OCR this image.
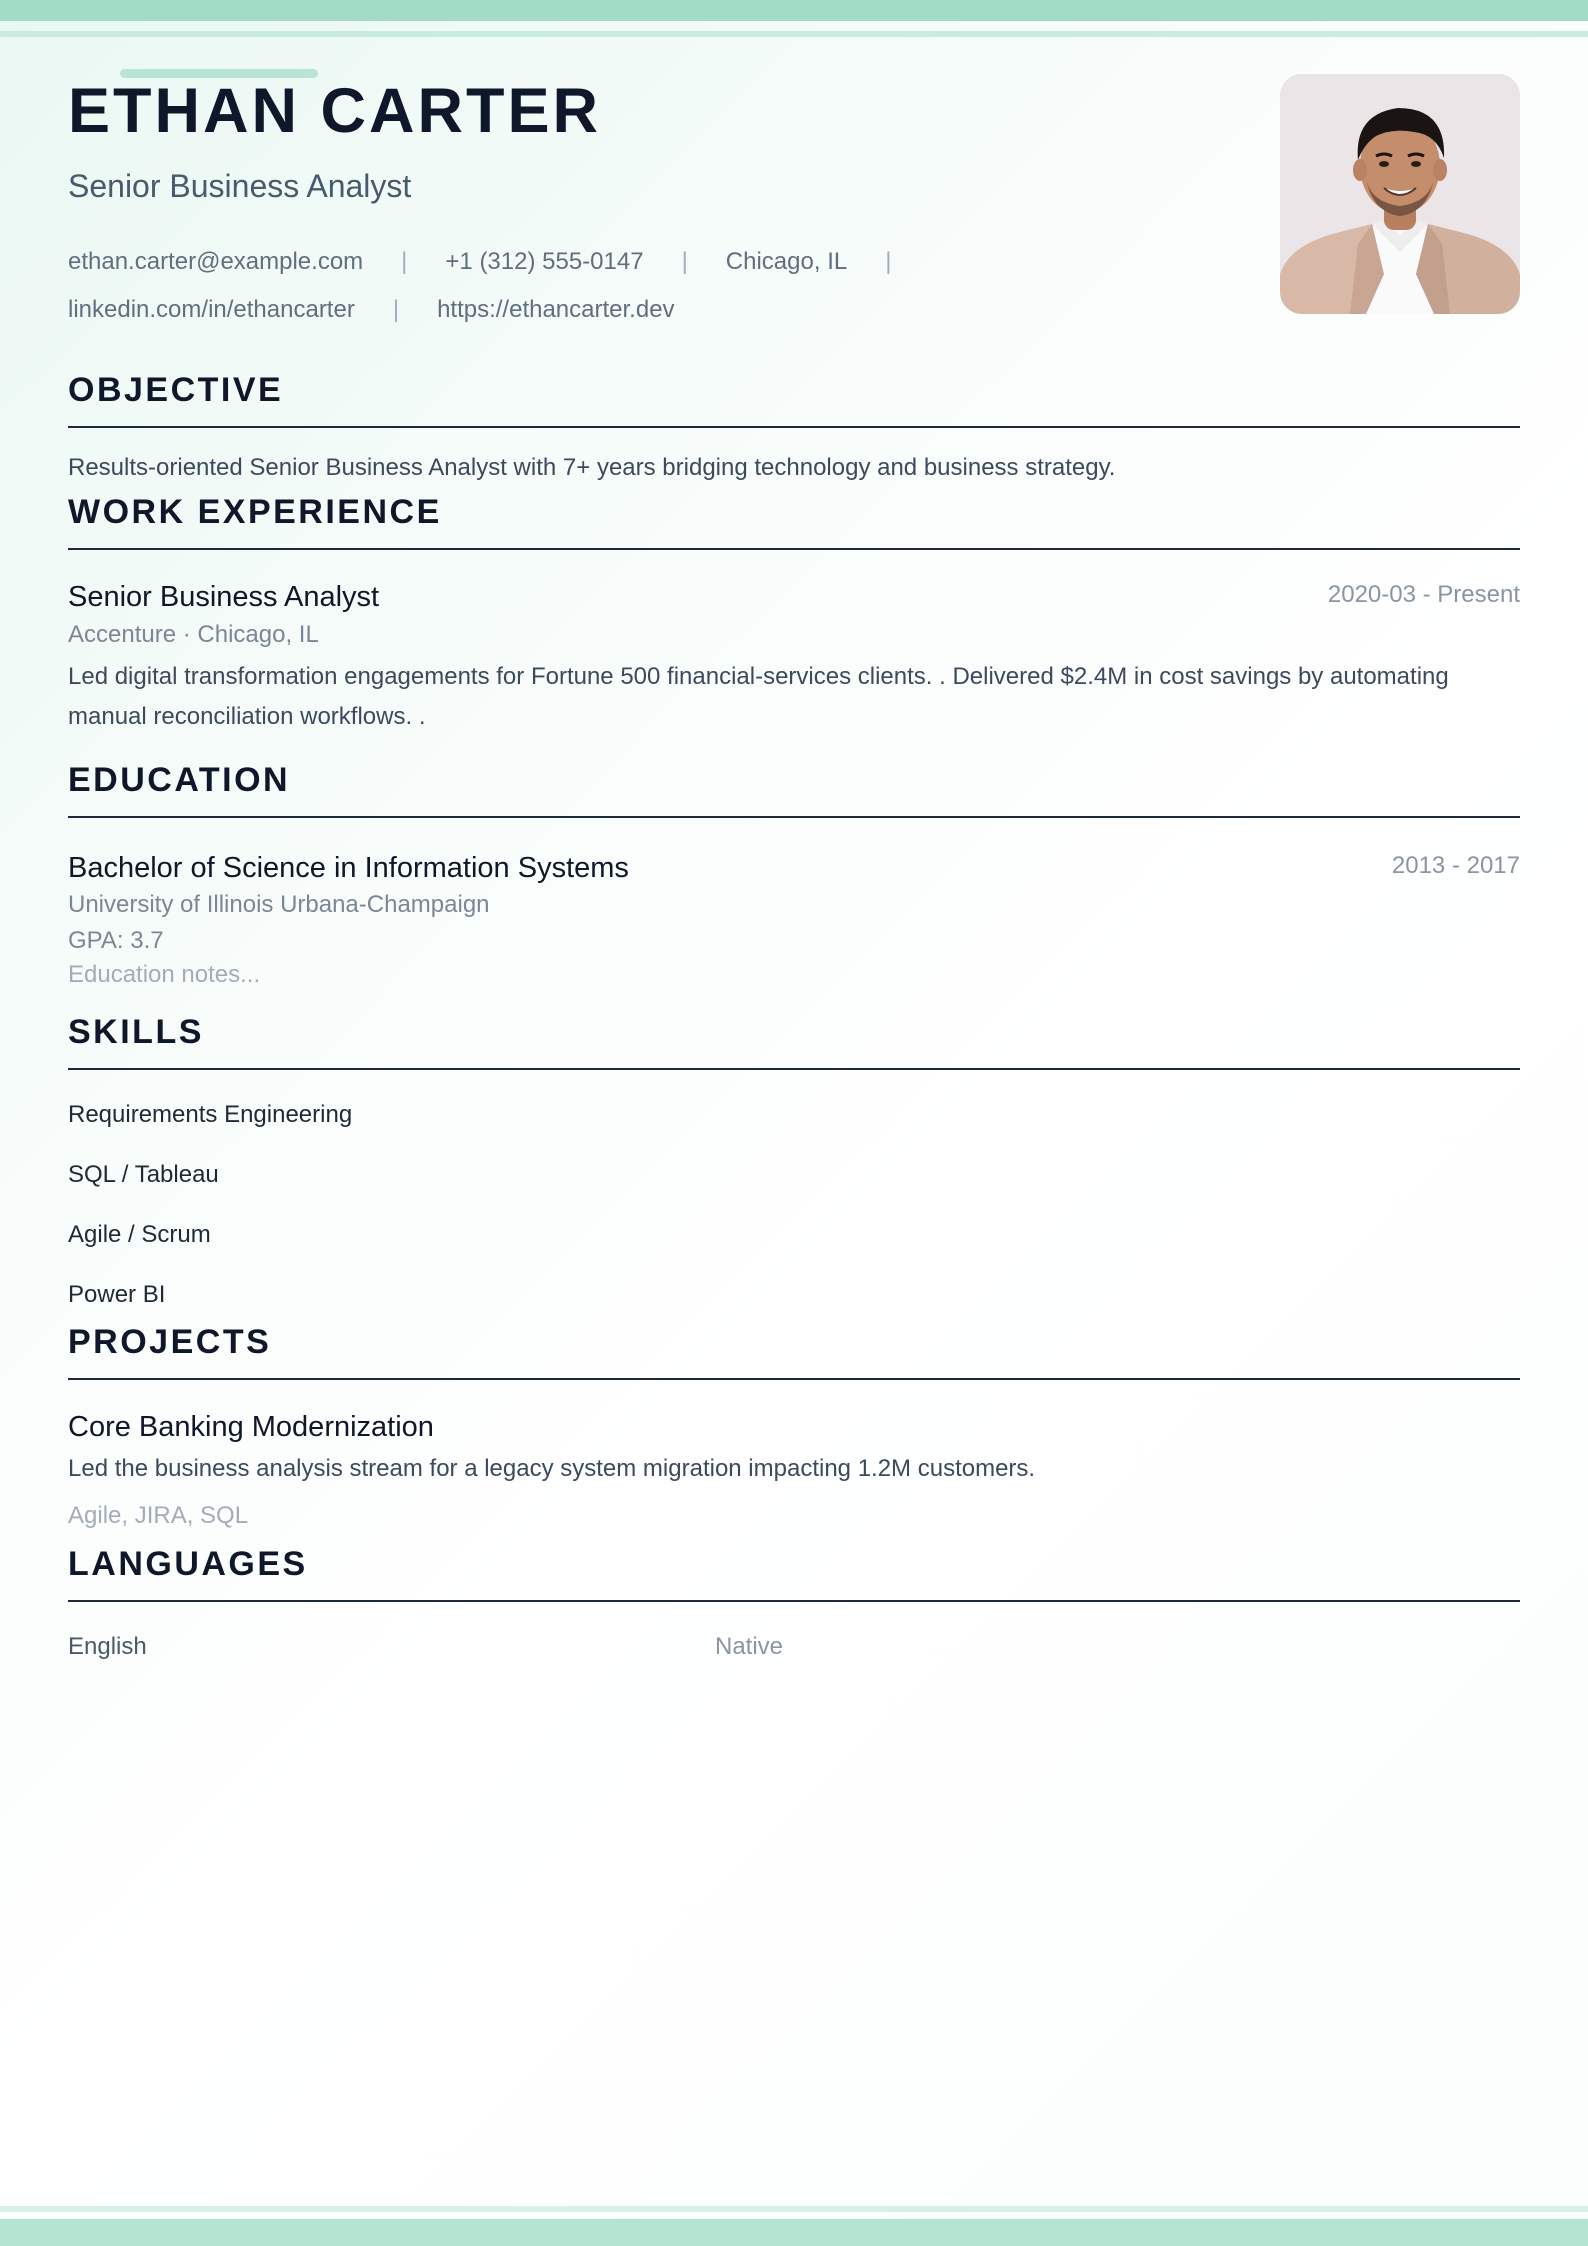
ETHAN CARTER
Senior Business Analyst
ethan.carter@example.com | +1 (312) 555-0147 | Chicago, IL |
linkedin.com/in/ethancarter | https://ethancarter.dev
OBJECTIVE
Results-oriented Senior Business Analyst with 7+ years bridging technology and business strategy.
WORK EXPERIENCE
Senior Business Analyst	2020-03 - Present
Accenture · Chicago, IL
Led digital transformation engagements for Fortune 500 financial-services clients. . Delivered $2.4M in cost savings by automating manual reconciliation workflows. .
EDUCATION
Bachelor of Science in Information Systems	2013 - 2017
University of Illinois Urbana-Champaign
GPA: 3.7
Education notes...
SKILLS
Requirements Engineering
SQL / Tableau
Agile / Scrum
Power BI
PROJECTS
Core Banking Modernization
Led the business analysis stream for a legacy system migration impacting 1.2M customers.
Agile, JIRA, SQL
LANGUAGES
English	Native
